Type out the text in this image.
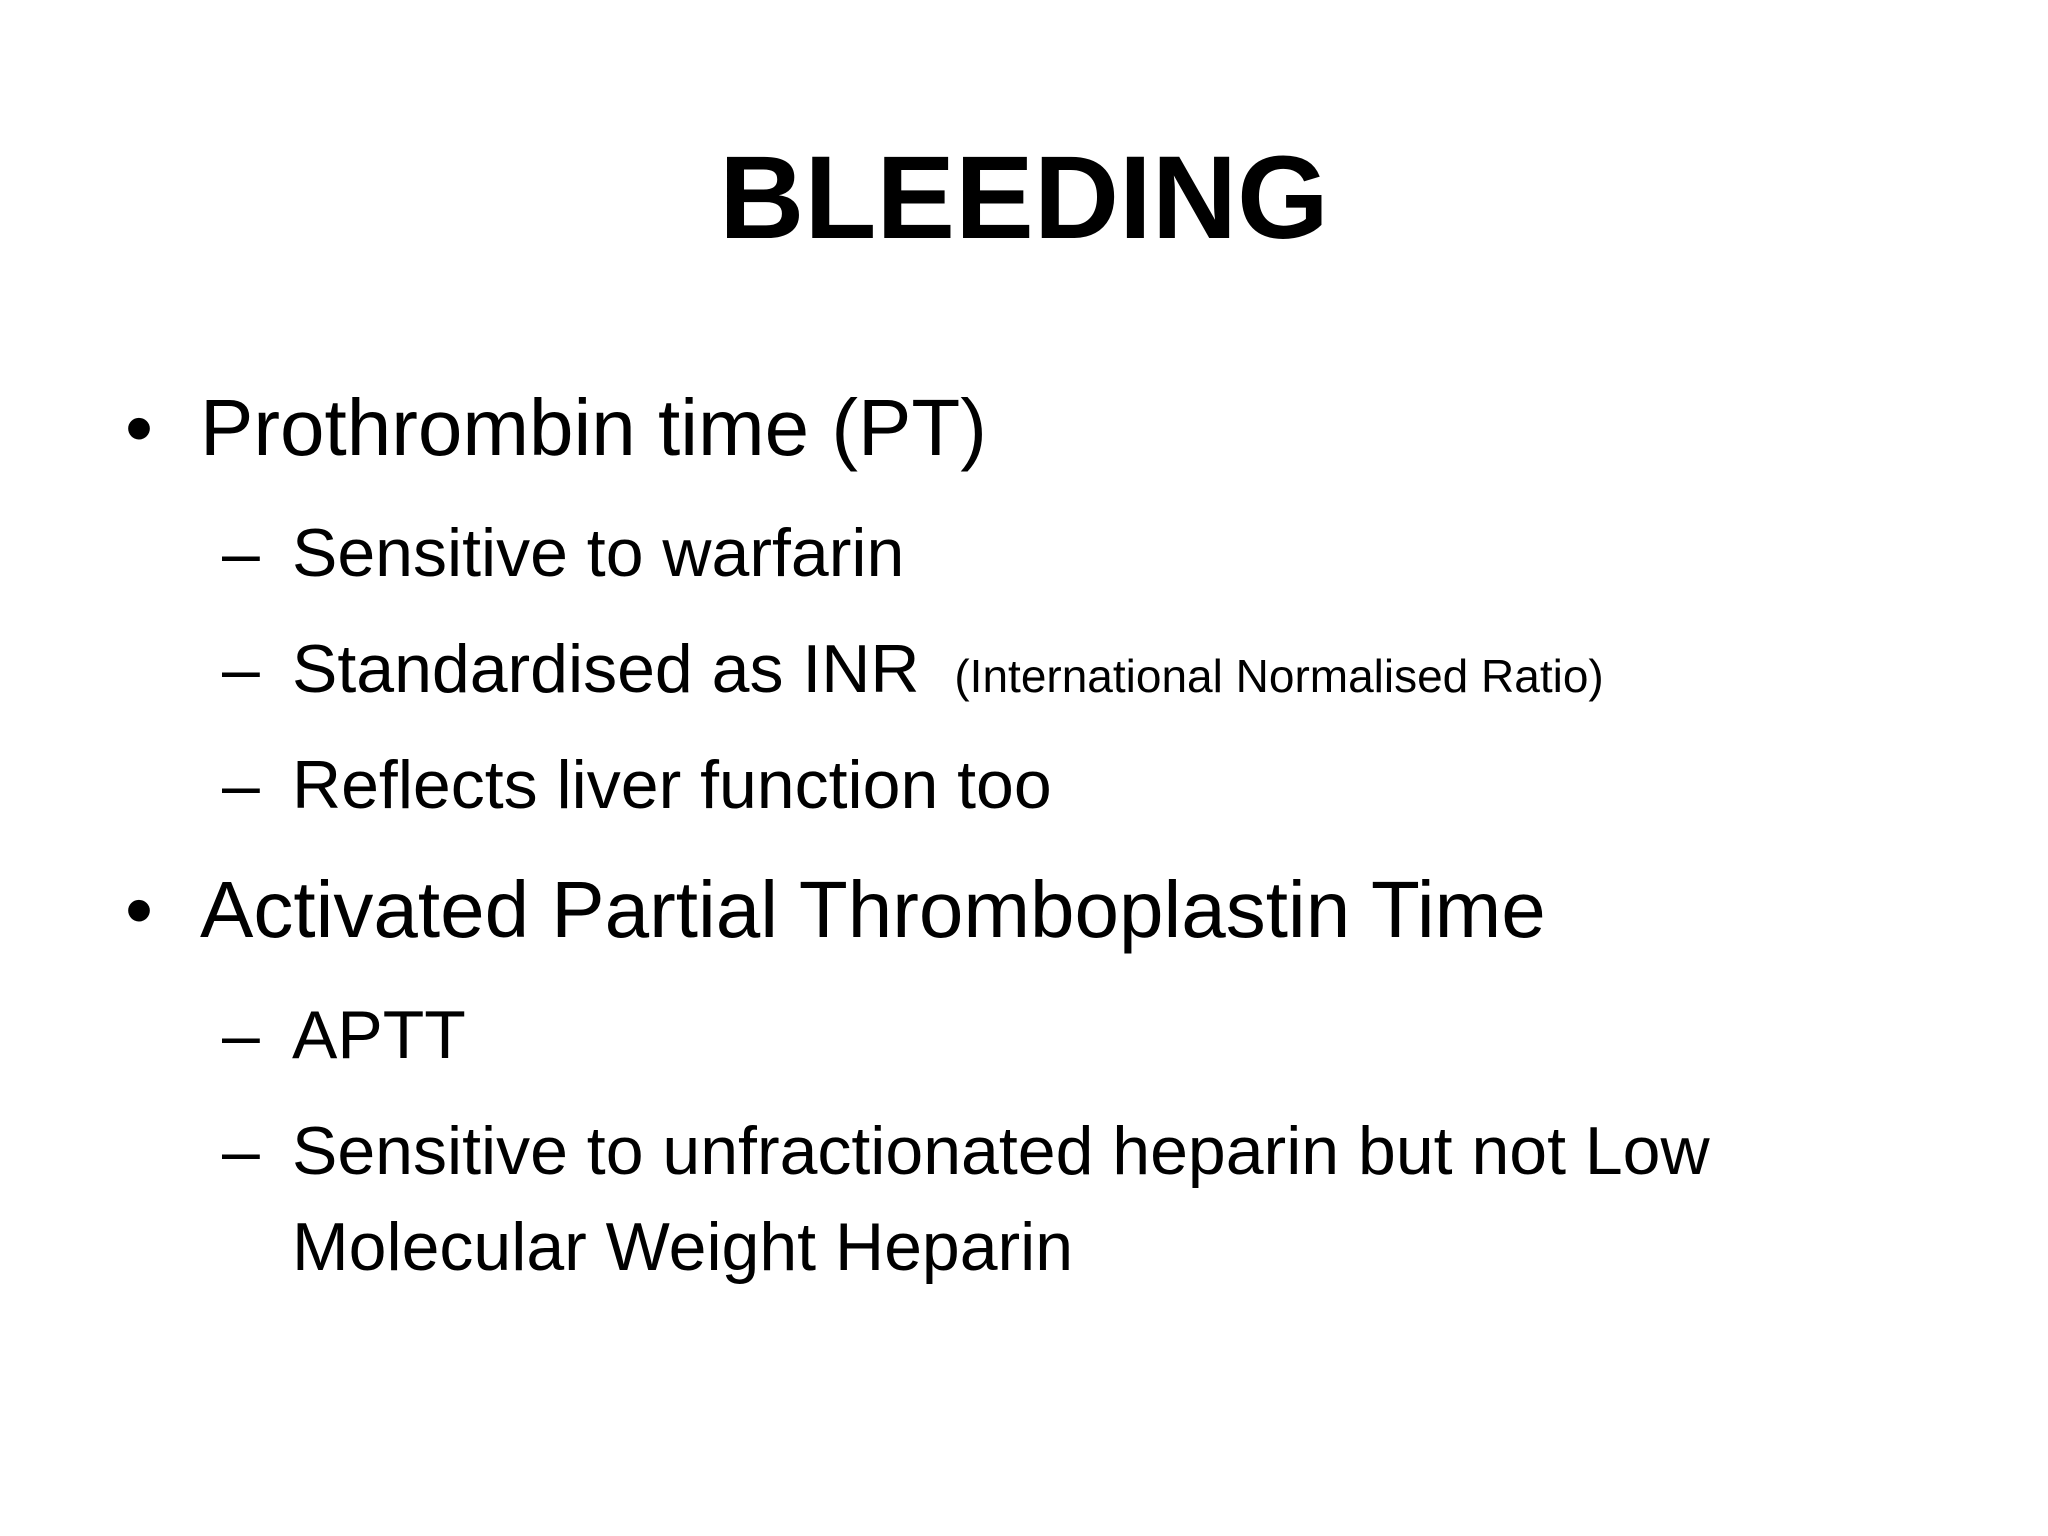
BLEEDING
• Prothrombin time (PT)
– Sensitive to warfarin
– Standardised as INR (International Normalised Ratio)
– Reflects liver function too
• Activated Partial Thromboplastin Time
– APTT
– Sensitive to unfractionated heparin but not Low
Molecular Weight Heparin
